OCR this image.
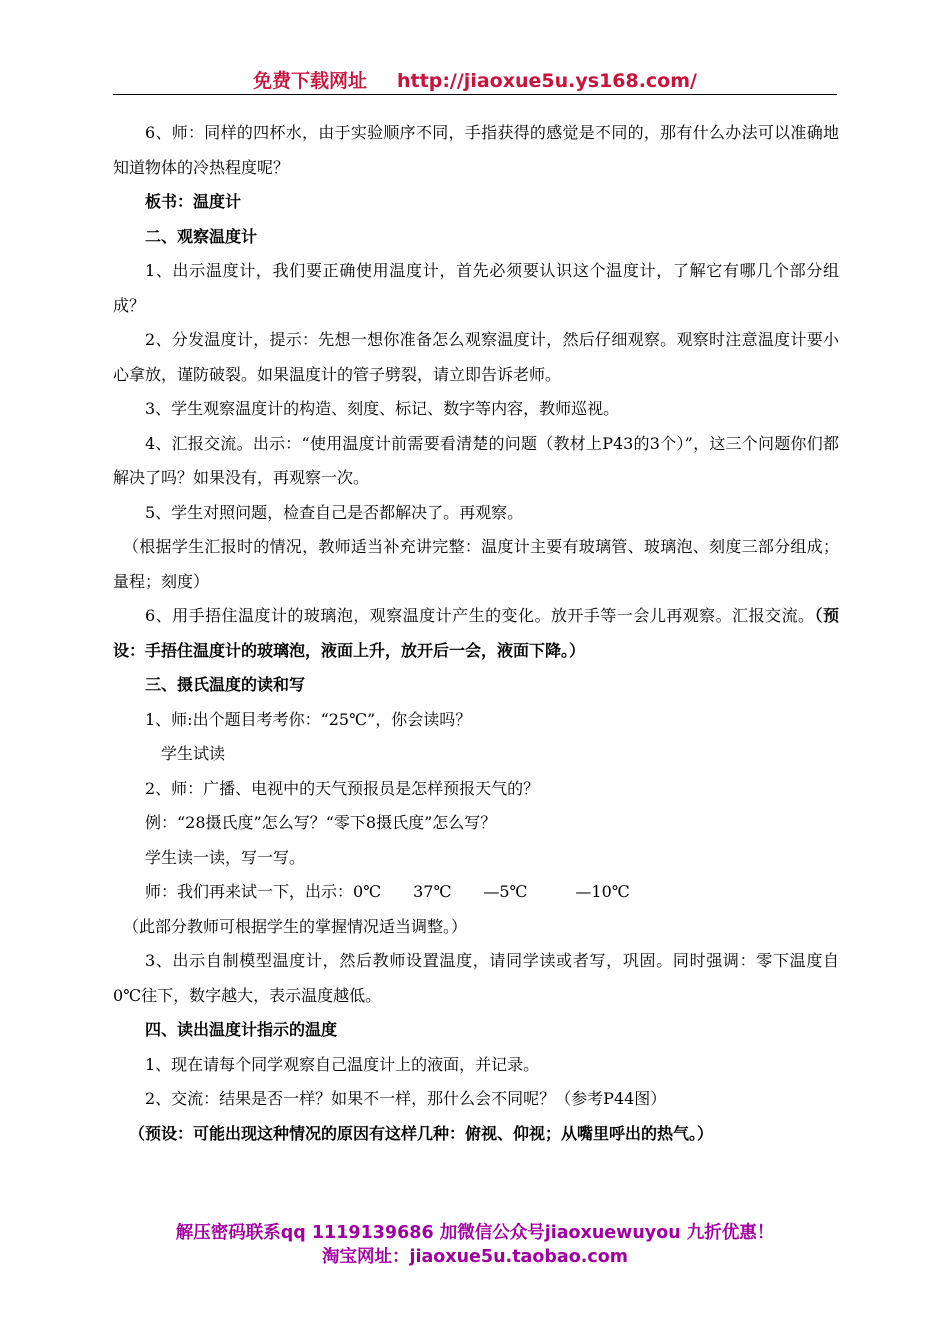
免费下载网址 http://jiaoxue5u.ys168.com/

6、师：同样的四杯水，由于实验顺序不同，手指获得的感觉是不同的，那有什么办法可以准确地知道物体的冷热程度呢？

板书：温度计

二、观察温度计

1、出示温度计，我们要正确使用温度计，首先必须要认识这个温度计，了解它有哪几个部分组成？

2、分发温度计，提示：先想一想你准备怎么观察温度计，然后仔细观察。观察时注意温度计要小心拿放，谨防破裂。如果温度计的管子劈裂，请立即告诉老师。

3、学生观察温度计的构造、刻度、标记、数字等内容，教师巡视。

4、汇报交流。出示：“使用温度计前需要看清楚的问题（教材上P43的3个）”，这三个问题你们都解决了吗？如果没有，再观察一次。

5、学生对照问题，检查自己是否都解决了。再观察。

（根据学生汇报时的情况，教师适当补充讲完整：温度计主要有玻璃管、玻璃泡、刻度三部分组成；量程；刻度）

6、用手捂住温度计的玻璃泡，观察温度计产生的变化。放开手等一会儿再观察。汇报交流。（预设：手捂住温度计的玻璃泡，液面上升，放开后一会，液面下降。）

三、摄氏温度的读和写

1、师:出个题目考考你：“25℃”，你会读吗？

学生试读

2、师：广播、电视中的天气预报员是怎样预报天气的？

例：“28摄氏度”怎么写？“零下8摄氏度”怎么写？

学生读一读，写一写。

师：我们再来试一下，出示：0℃　　37℃　　—5℃　　　—10℃

（此部分教师可根据学生的掌握情况适当调整。）

3、出示自制模型温度计，然后教师设置温度，请同学读或者写，巩固。同时强调：零下温度自0℃往下，数字越大，表示温度越低。

四、读出温度计指示的温度

1、现在请每个同学观察自己温度计上的液面，并记录。

2、交流：结果是否一样？如果不一样，那什么会不同呢？（参考P44图）

（预设：可能出现这种情况的原因有这样几种：俯视、仰视；从嘴里呼出的热气。）

解压密码联系qq 1119139686 加微信公众号jiaoxuewuyou 九折优惠！
淘宝网址：jiaoxue5u.taobao.com
